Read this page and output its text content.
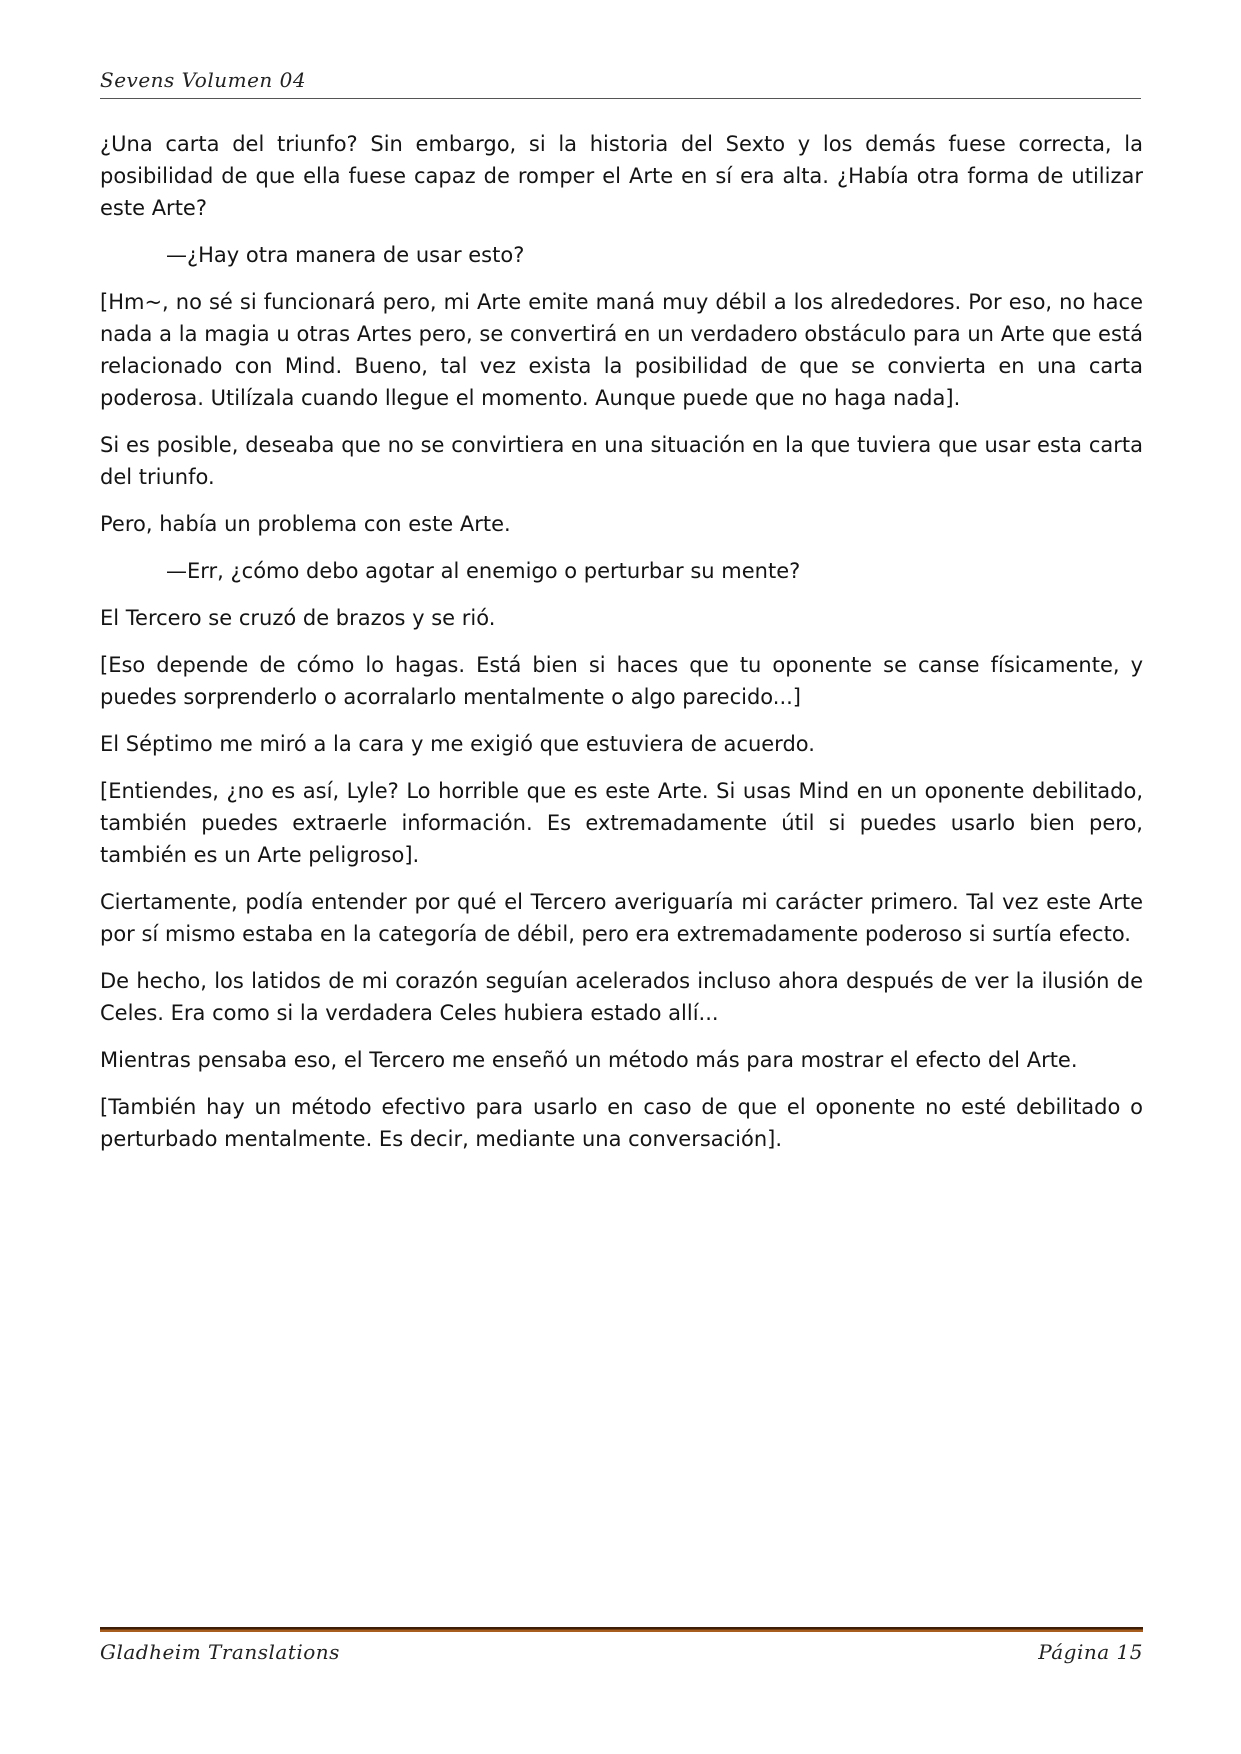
Sevens Volumen 04

¿Una carta del triunfo? Sin embargo, si la historia del Sexto y los demás fuese correcta, la posibilidad de que ella fuese capaz de romper el Arte en sí era alta. ¿Había otra forma de utilizar este Arte?

—¿Hay otra manera de usar esto?

[Hm~, no sé si funcionará pero, mi Arte emite maná muy débil a los alrededores. Por eso, no hace nada a la magia u otras Artes pero, se convertirá en un verdadero obstáculo para un Arte que está relacionado con Mind. Bueno, tal vez exista la posibilidad de que se convierta en una carta poderosa. Utilízala cuando llegue el momento. Aunque puede que no haga nada].

Si es posible, deseaba que no se convirtiera en una situación en la que tuviera que usar esta carta del triunfo.

Pero, había un problema con este Arte.

—Err, ¿cómo debo agotar al enemigo o perturbar su mente?

El Tercero se cruzó de brazos y se rió.

[Eso depende de cómo lo hagas. Está bien si haces que tu oponente se canse físicamente, y puedes sorprenderlo o acorralarlo mentalmente o algo parecido...]

El Séptimo me miró a la cara y me exigió que estuviera de acuerdo.

[Entiendes, ¿no es así, Lyle? Lo horrible que es este Arte. Si usas Mind en un oponente debilitado, también puedes extraerle información. Es extremadamente útil si puedes usarlo bien pero, también es un Arte peligroso].

Ciertamente, podía entender por qué el Tercero averiguaría mi carácter primero. Tal vez este Arte por sí mismo estaba en la categoría de débil, pero era extremadamente poderoso si surtía efecto.

De hecho, los latidos de mi corazón seguían acelerados incluso ahora después de ver la ilusión de Celes. Era como si la verdadera Celes hubiera estado allí...

Mientras pensaba eso, el Tercero me enseñó un método más para mostrar el efecto del Arte.

[También hay un método efectivo para usarlo en caso de que el oponente no esté debilitado o perturbado mentalmente. Es decir, mediante una conversación].

Gladheim Translations	Página 15
